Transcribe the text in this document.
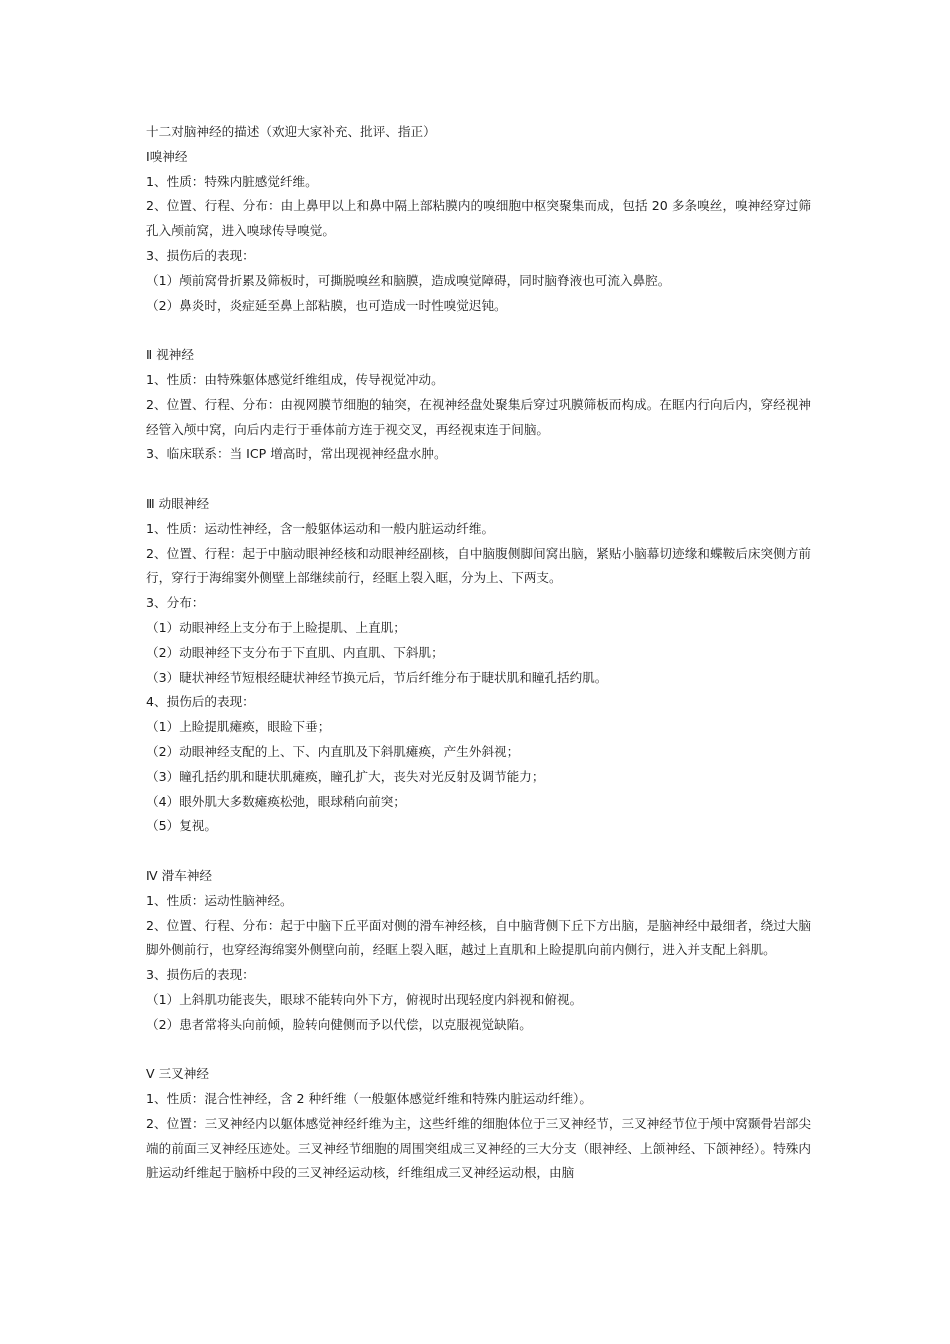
十二对脑神经的描述（欢迎大家补充、批评、指正）
Ⅰ嗅神经
1、性质：特殊内脏感觉纤维。
2、位置、行程、分布：由上鼻甲以上和鼻中隔上部粘膜内的嗅细胞中枢突聚集而成，包括 20 多条嗅丝，嗅神经穿过筛孔入颅前窝，进入嗅球传导嗅觉。
3、损伤后的表现：
（1）颅前窝骨折累及筛板时，可撕脱嗅丝和脑膜，造成嗅觉障碍，同时脑脊液也可流入鼻腔。
（2）鼻炎时，炎症延至鼻上部粘膜，也可造成一时性嗅觉迟钝。
Ⅱ 视神经
1、性质：由特殊躯体感觉纤维组成，传导视觉冲动。
2、位置、行程、分布：由视网膜节细胞的轴突，在视神经盘处聚集后穿过巩膜筛板而构成。在眶内行向后内，穿经视神经管入颅中窝，向后内走行于垂体前方连于视交叉，再经视束连于间脑。
3、临床联系：当 ICP 增高时，常出现视神经盘水肿。
Ⅲ 动眼神经
1、性质：运动性神经，含一般躯体运动和一般内脏运动纤维。
2、位置、行程：起于中脑动眼神经核和动眼神经副核，自中脑腹侧脚间窝出脑，紧贴小脑幕切迹缘和蝶鞍后床突侧方前行，穿行于海绵窦外侧壁上部继续前行，经眶上裂入眶，分为上、下两支。
3、分布：
（1）动眼神经上支分布于上睑提肌、上直肌；
（2）动眼神经下支分布于下直肌、内直肌、下斜肌；
（3）睫状神经节短根经睫状神经节换元后，节后纤维分布于睫状肌和瞳孔括约肌。
4、损伤后的表现：
（1）上睑提肌瘫痪，眼睑下垂；
（2）动眼神经支配的上、下、内直肌及下斜肌瘫痪，产生外斜视；
（3）瞳孔括约肌和睫状肌瘫痪，瞳孔扩大，丧失对光反射及调节能力；
（4）眼外肌大多数瘫痪松弛，眼球稍向前突；
（5）复视。
Ⅳ 滑车神经
1、性质：运动性脑神经。
2、位置、行程、分布：起于中脑下丘平面对侧的滑车神经核，自中脑背侧下丘下方出脑，是脑神经中最细者，绕过大脑脚外侧前行，也穿经海绵窦外侧壁向前，经眶上裂入眶，越过上直肌和上睑提肌向前内侧行，进入并支配上斜肌。
3、损伤后的表现：
（1）上斜肌功能丧失，眼球不能转向外下方，俯视时出现轻度内斜视和俯视。
（2）患者常将头向前倾，脸转向健侧而予以代偿，以克服视觉缺陷。
Ⅴ 三叉神经
1、性质：混合性神经，含 2 种纤维（一般躯体感觉纤维和特殊内脏运动纤维）。
2、位置：三叉神经内以躯体感觉神经纤维为主，这些纤维的细胞体位于三叉神经节，三叉神经节位于颅中窝颞骨岩部尖端的前面三叉神经压迹处。三叉神经节细胞的周围突组成三叉神经的三大分支（眼神经、上颌神经、下颌神经）。特殊内脏运动纤维起于脑桥中段的三叉神经运动核，纤维组成三叉神经运动根，由脑
